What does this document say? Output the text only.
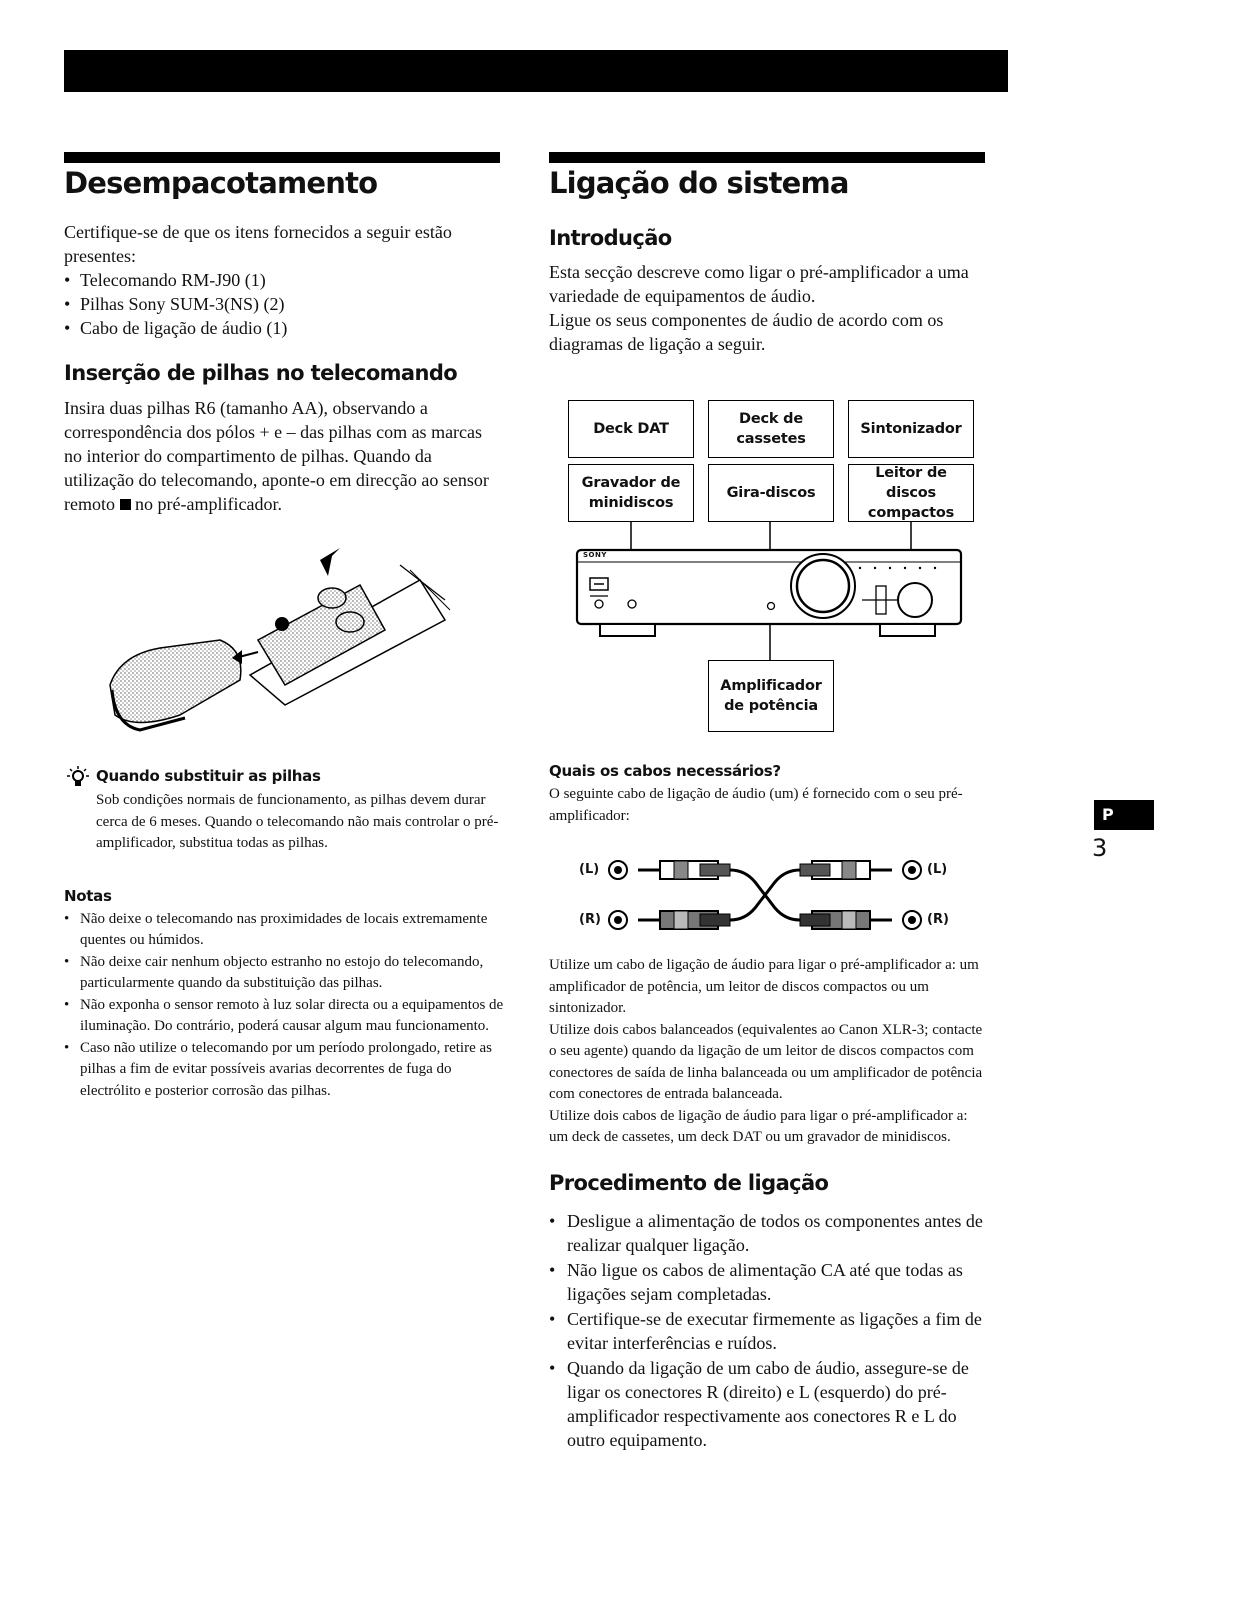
Desempacotamento

Certifique-se de que os itens fornecidos a seguir estão presentes:

• Telecomando RM-J90 (1)
• Pilhas Sony SUM-3(NS) (2)
• Cabo de ligação de áudio (1)
Inserção de pilhas no telecomando

Insira duas pilhas R6 (tamanho AA), observando a correspondência dos pólos + e – das pilhas com as marcas no interior do compartimento de pilhas. Quando da utilização do telecomando, aponte-o em direcção ao sensor remoto no pré-amplificador.

Quando substituir as pilhas

Sob condições normais de funcionamento, as pilhas devem durar cerca de 6 meses. Quando o telecomando não mais controlar o pré-amplificador, substitua todas as pilhas.

Notas
• Não deixe o telecomando nas proximidades de locais extremamente quentes ou húmidos.
• Não deixe cair nenhum objecto estranho no estojo do telecomando, particularmente quando da substituição das pilhas.
• Não exponha o sensor remoto à luz solar directa ou a equipamentos de iluminação. Do contrário, poderá causar algum mau funcionamento.
• Caso não utilize o telecomando por um período prolongado, retire as pilhas a fim de evitar possíveis avarias decorrentes de fuga do electrólito e posterior corrosão das pilhas.
Ligação do sistema
Introdução

Esta secção descreve como ligar o pré-amplificador a uma variedade de equipamentos de áudio.

Ligue os seus componentes de áudio de acordo com os diagramas de ligação a seguir.

Deck DAT
Deck de cassetes
Sintonizador
Gravador de minidiscos
Gira-discos
Leitor de discos compactos
SONY
Amplificador de potência
Quais os cabos necessários?

O seguinte cabo de ligação de áudio (um) é fornecido com o seu pré-amplificador:

(L)
(R)
(L)
(R)

Utilize um cabo de ligação de áudio para ligar o pré-amplificador a: um amplificador de potência, um leitor de discos compactos ou um sintonizador.

Utilize dois cabos balanceados (equivalentes ao Canon XLR-3; contacte o seu agente) quando da ligação de um leitor de discos compactos com conectores de saída de linha balanceada ou um amplificador de potência com conectores de entrada balanceada.

Utilize dois cabos de ligação de áudio para ligar o pré-amplificador a: um deck de cassetes, um deck DAT ou um gravador de minidiscos.

Procedimento de ligação
• Desligue a alimentação de todos os componentes antes de realizar qualquer ligação.
• Não ligue os cabos de alimentação CA até que todas as ligações sejam completadas.
• Certifique-se de executar firmemente as ligações a fim de evitar interferências e ruídos.
• Quando da ligação de um cabo de áudio, assegure-se de ligar os conectores R (direito) e L (esquerdo) do pré-amplificador respectivamente aos conectores R e L do outro equipamento.
P
3
